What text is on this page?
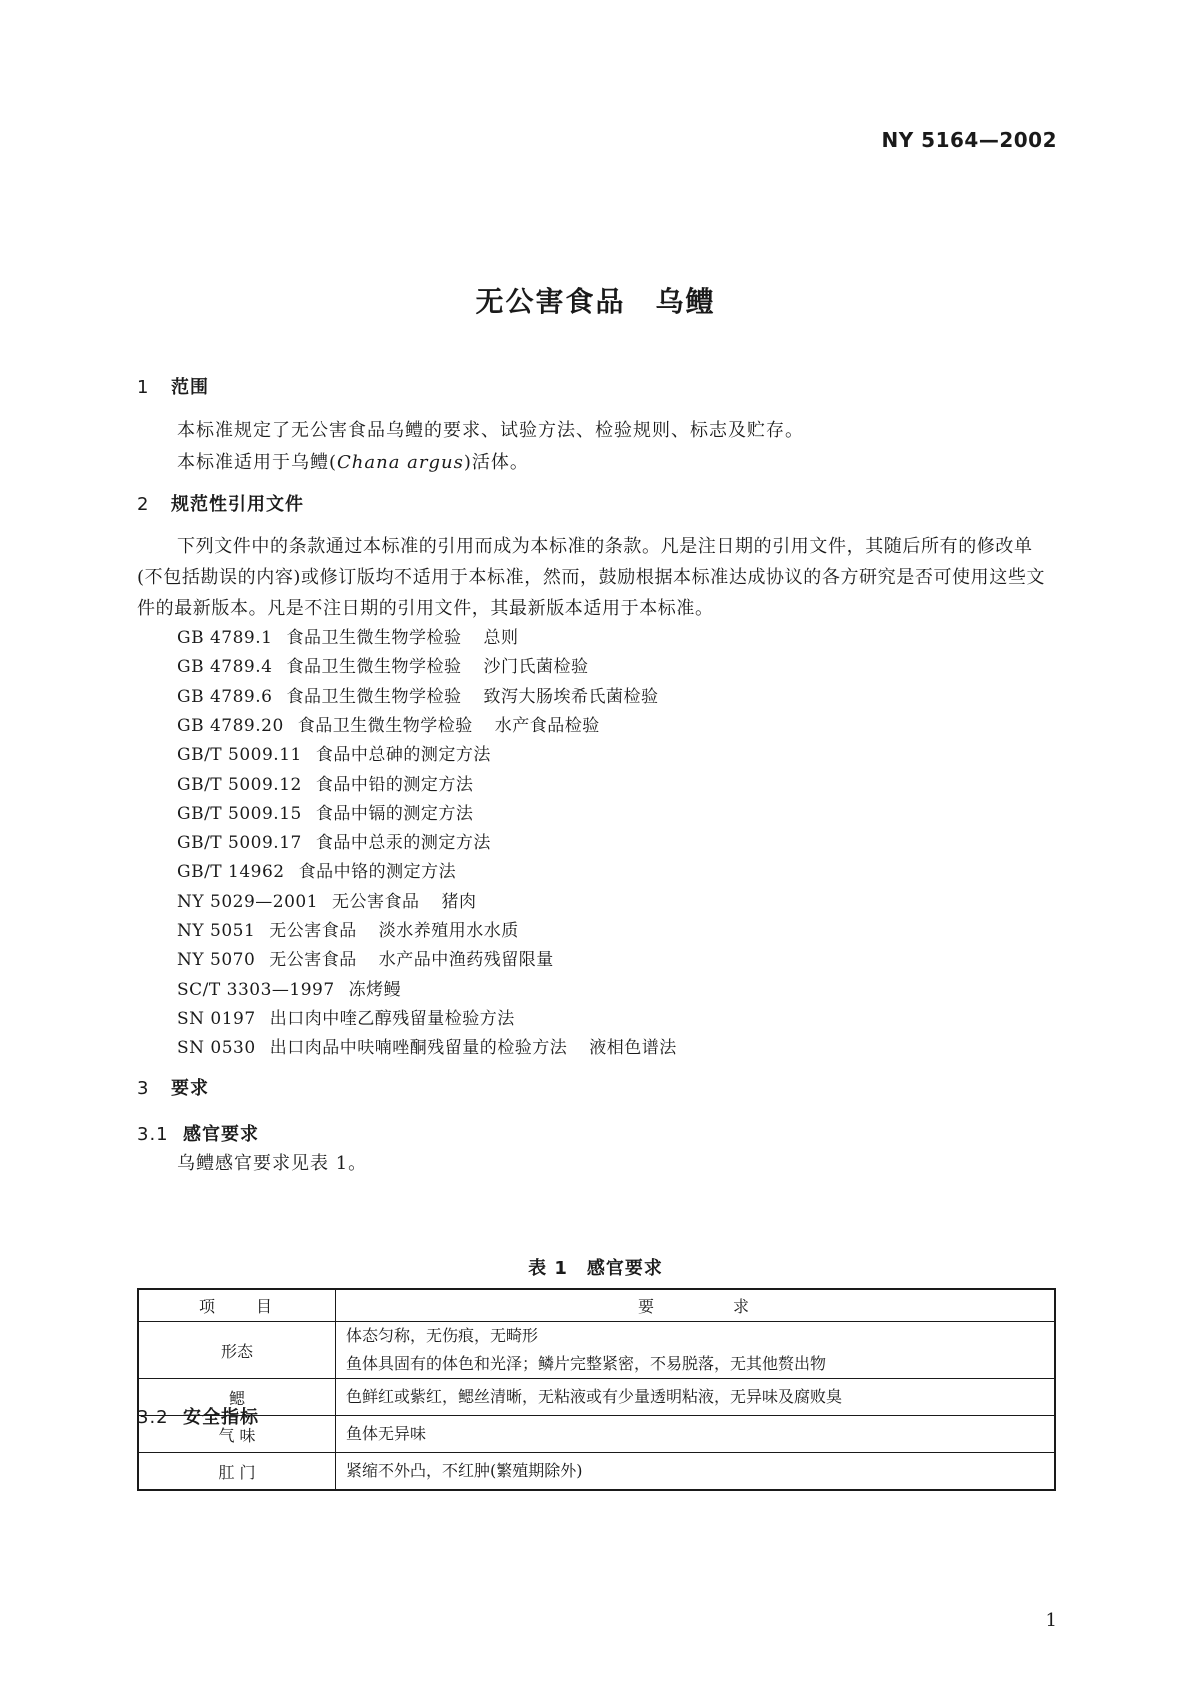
NY 5164—2002
无公害食品 乌鳢
1 范围
本标准规定了无公害食品乌鳢的要求、试验方法、检验规则、标志及贮存。
本标准适用于乌鳢(Chana argus)活体。
2 规范性引用文件
下列文件中的条款通过本标准的引用而成为本标准的条款。凡是注日期的引用文件，其随后所有的修改单(不包括勘误的内容)或修订版均不适用于本标准，然而，鼓励根据本标准达成协议的各方研究是否可使用这些文件的最新版本。凡是不注日期的引用文件，其最新版本适用于本标准。
GB 4789.1 食品卫生微生物学检验 总则
GB 4789.4 食品卫生微生物学检验 沙门氏菌检验
GB 4789.6 食品卫生微生物学检验 致泻大肠埃希氏菌检验
GB 4789.20 食品卫生微生物学检验 水产食品检验
GB/T 5009.11 食品中总砷的测定方法
GB/T 5009.12 食品中铅的测定方法
GB/T 5009.15 食品中镉的测定方法
GB/T 5009.17 食品中总汞的测定方法
GB/T 14962 食品中铬的测定方法
NY 5029—2001 无公害食品 猪肉
NY 5051 无公害食品 淡水养殖用水水质
NY 5070 无公害食品 水产品中渔药残留限量
SC/T 3303—1997 冻烤鳗
SN 0197 出口肉中喹乙醇残留量检验方法
SN 0530 出口肉品中呋喃唑酮残留量的检验方法 液相色谱法
3 要求
3.1 感官要求
乌鳢感官要求见表 1。
表 1　感官要求
项　　目	要　　　　求
形态	体态匀称，无伤痕，无畸形
鱼体具固有的体色和光泽；鳞片完整紧密，不易脱落，无其他赘出物

鳃	色鲜红或紫红，鳃丝清晰，无粘液或有少量透明粘液，无异味及腐败臭

气 味	鱼体无异味

肛 门	紧缩不外凸，不红肿(繁殖期除外)
3.2 安全指标
1
